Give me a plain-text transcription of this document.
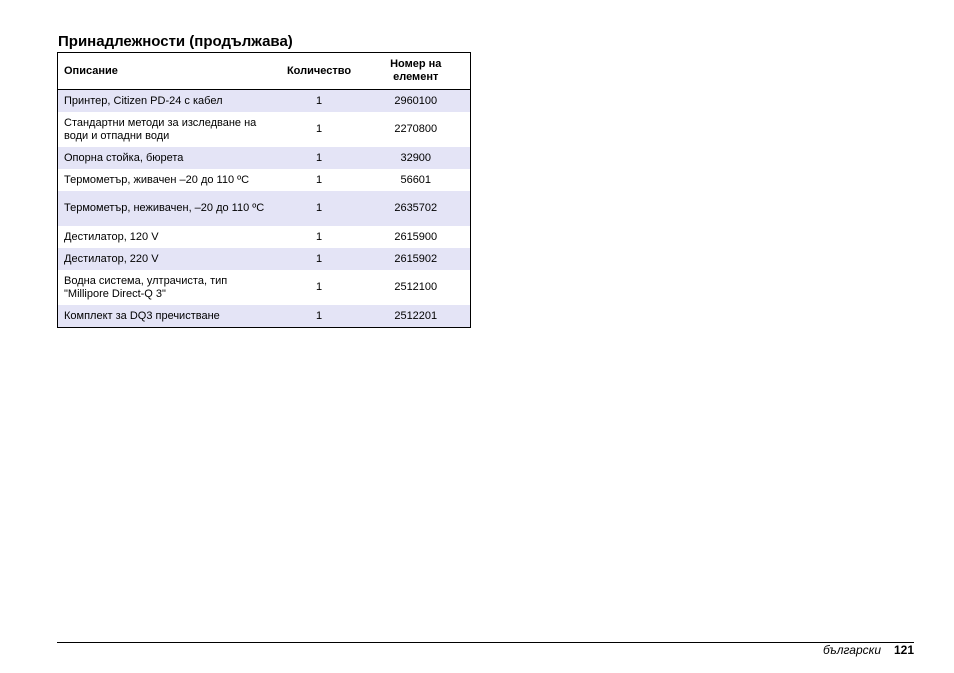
Принадлежности (продължава)
Описание	Количество	Номер на елемент
Принтер, Citizen PD-24 с кабел	1	2960100
Стандартни методи за изследване на води и отпадни води	1	2270800
Опорна стойка, бюрета	1	32900
Термометър, живачен –20 до 110 ºC	1	56601
Термометър, неживачен, –20 до 110 ºC	1	2635702
Дестилатор, 120 V	1	2615900
Дестилатор, 220 V	1	2615902
Водна система, ултрачиста, тип "Millipore Direct-Q 3"	1	2512100
Комплект за DQ3 пречистване	1	2512201
български 121
